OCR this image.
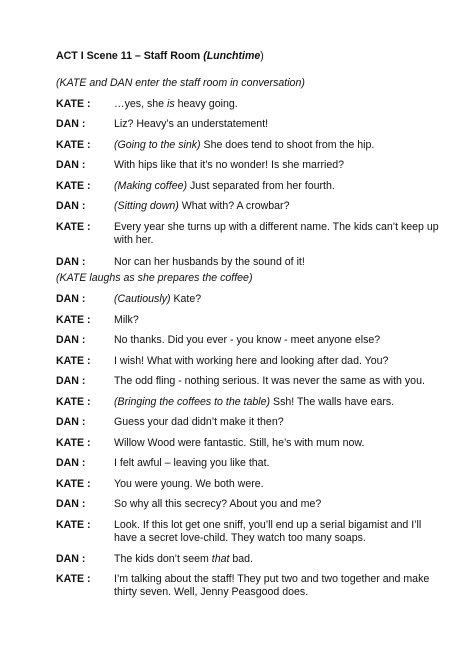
ACT I Scene 11 – Staff Room (Lunchtime)
(KATE and DAN enter the staff room in conversation)
(KATE laughs as she prepares the coffee)
KATE : …yes, she is heavy going.
DAN :	Liz? Heavy’s an understatement!
KATE : (Going to the sink) She does tend to shoot from the hip.
DAN :	With hips like that it’s no wonder! Is she married?
KATE : (Making coffee) Just separated from her fourth.
DAN :	(Sitting down) What with? A crowbar?
KATE : Every year she turns up with a different name. The kids can’t keep up with her.
DAN :	Nor can her husbands by the sound of it!
DAN :	(Cautiously) Kate?
KATE : Milk?
DAN :	No thanks. Did you ever - you know - meet anyone else?
KATE : I wish! What with working here and looking after dad. You?
DAN :	The odd fling - nothing serious. It was never the same as with you.
KATE : (Bringing the coffees to the table) Ssh! The walls have ears.
DAN :	Guess your dad didn’t make it then?
KATE : Willow Wood were fantastic. Still, he’s with mum now.
DAN :	I felt awful – leaving you like that.
KATE : You were young. We both were.
DAN :	So why all this secrecy? About you and me?
KATE : Look. If this lot get one sniff, you’ll end up a serial bigamist and I’ll have a secret love-child. They watch too many soaps.
DAN :	The kids don’t seem that bad.
KATE : I’m talking about the staff! They put two and two together and make thirty seven. Well, Jenny Peasgood does.
